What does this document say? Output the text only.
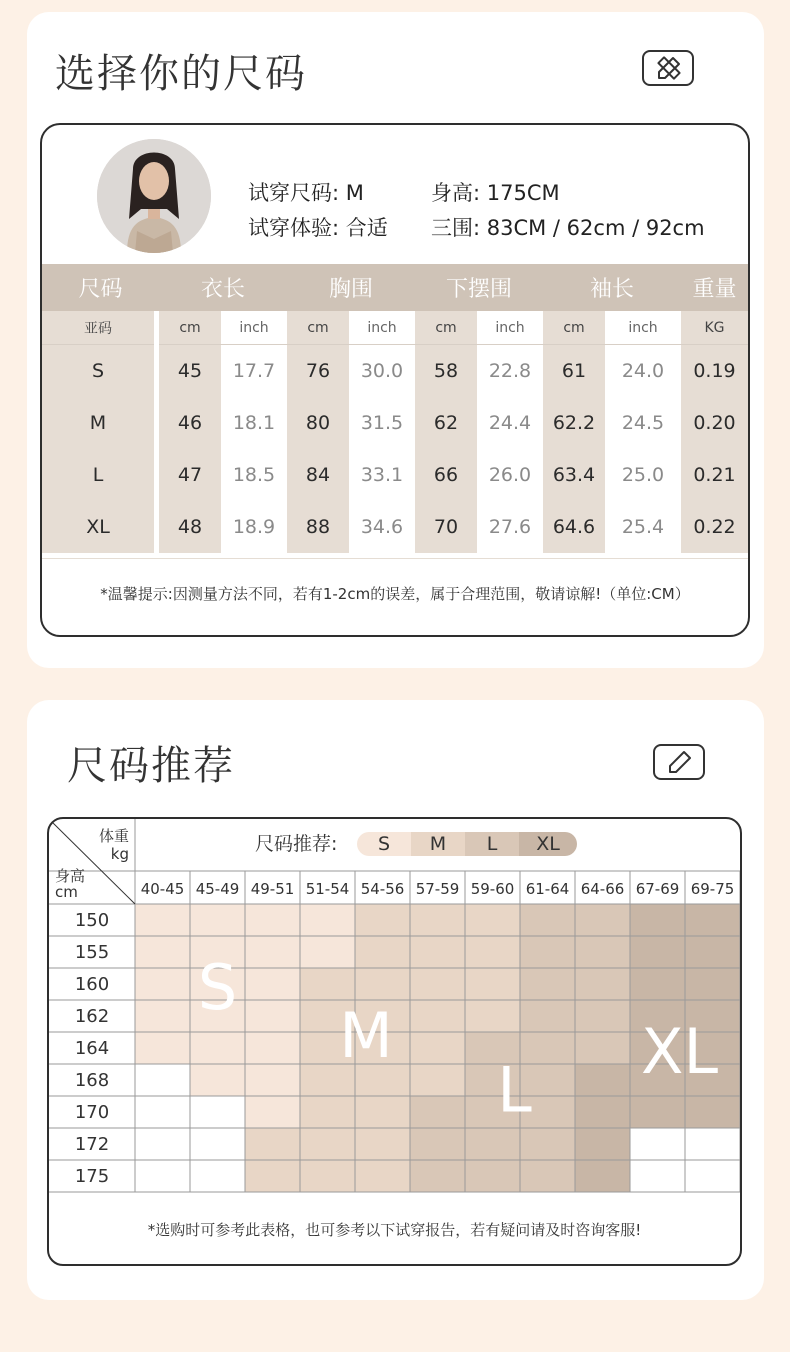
选择你的尺码
试穿尺码: M	身高: 175CM
试穿体验: 合适 三围: 83CM / 62cm / 92cm
尺码	衣长	胸围	下摆围	袖长	重量
亚码	cm	inch	cm	inch	cm	inch	cm	inch	KG
S	45	17.7	76	30.0	58	22.8	61	24.0	0.19
M	46	18.1	80	31.5	62	24.4	62.2	24.5	0.20
L	47	18.5	84	33.1	66	26.0	63.4	25.0	0.21
XL	48	18.9	88	34.6	70	27.6	64.6	25.4	0.22
*温馨提示:因测量方法不同，若有1-2cm的误差，属于合理范围，敬请谅解!（单位:CM）
尺码推荐
体重
kg
身高
cm	40-45 45-49 49-51 51-54 54-56 57-59 59-60 61-64 64-66 67-69 69-75
150
155
160
162
164
168
170
172
175
S
M
L
XL
尺码推荐:	S	M	L	XL
*选购时可参考此表格，也可参考以下试穿报告，若有疑问请及时咨询客服!
